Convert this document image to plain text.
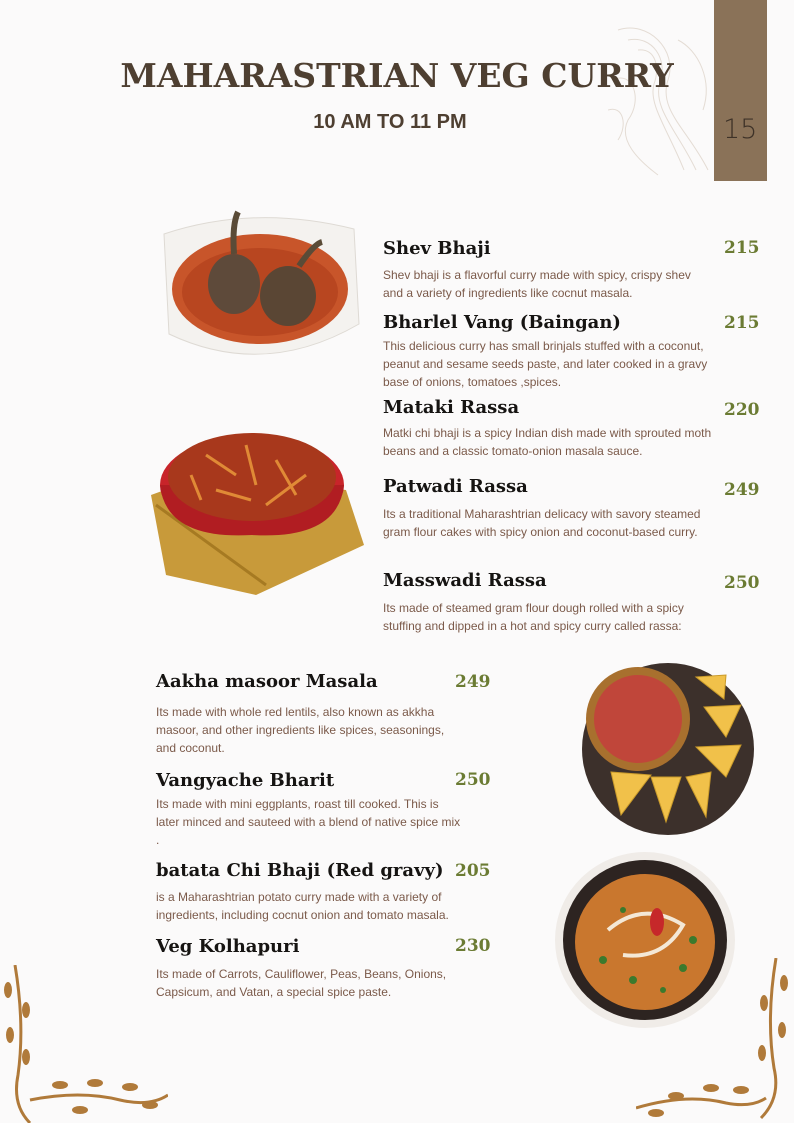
15
MAHARASTRIAN VEG CURRY
10 AM TO 11 PM
Shev Bhaji	215
Shev bhaji is a flavorful curry made with spicy, crispy shev and a variety of ingredients like cocnut masala.
Bharlel Vang (Baingan)	215
This delicious curry has small brinjals stuffed with a coconut, peanut and sesame seeds paste, and later cooked in a gravy base of onions, tomatoes ,spices.
Mataki Rassa	220
Matki chi bhaji is a spicy Indian dish made with sprouted moth beans and a classic tomato-onion masala sauce.
Patwadi Rassa	249
Its a traditional Maharashtrian delicacy with savory steamed gram flour cakes with spicy onion and coconut-based curry.
Masswadi Rassa	250
Its made of steamed gram flour dough rolled with a spicy stuffing and dipped in a hot and spicy curry called rassa:
Aakha masoor Masala	249
Its made with whole red lentils, also known as akkha masoor, and other ingredients like spices, seasonings, and coconut.
Vangyache Bharit	250
Its made with mini eggplants, roast till cooked. This is later minced and sauteed with a blend of native spice mix .
batata Chi Bhaji (Red gravy) 205
is a Maharashtrian potato curry made with a variety of ingredients, including cocnut onion and tomato masala.
Veg Kolhapuri	230
Its made of Carrots, Cauliflower, Peas, Beans, Onions, Capsicum, and Vatan, a special spice paste.
